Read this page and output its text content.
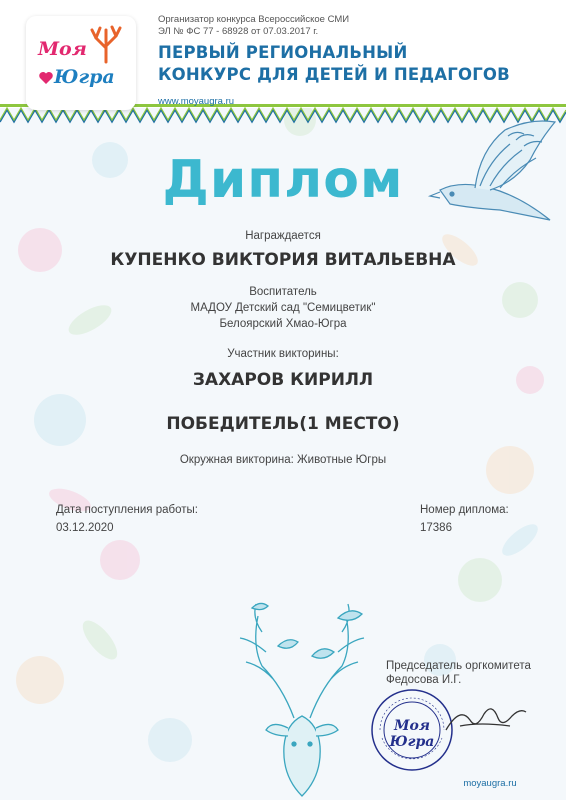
Моя
Югра
Организатор конкурса Всероссийское СМИ
ЭЛ № ФС 77 - 68928 от 07.03.2017 г.
ПЕРВЫЙ РЕГИОНАЛЬНЫЙ
КОНКУРС ДЛЯ ДЕТЕЙ И ПЕДАГОГОВ
www.moyaugra.ru
Диплом
Награждается
КУПЕНКО ВИКТОРИЯ ВИТАЛЬЕВНА
Воспитатель
МАДОУ Детский сад "Семицветик"
Белоярский Хмао-Югра
Участник викторины:
ЗАХАРОВ КИРИЛЛ
ПОБЕДИТЕЛЬ(1 МЕСТО)
Окружная викторина: Животные Югры
Дата поступления работы:
03.12.2020
Номер диплома:
17386
Председатель оргкомитета
Федосова И.Г.
Моя Югра
moyaugra.ru
